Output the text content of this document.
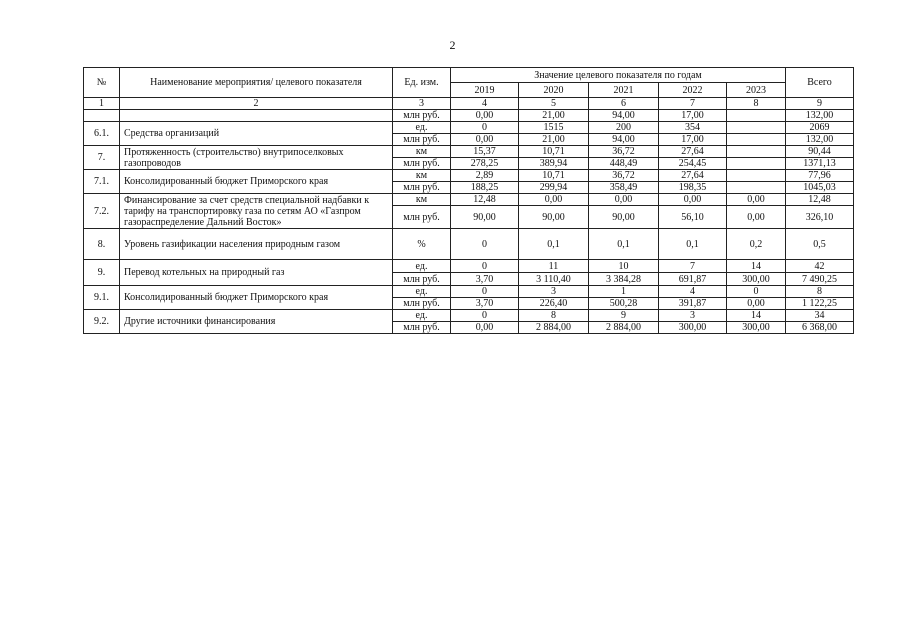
2
№	Наименование мероприятия/ целевого показателя	Ед. изм.	Значение целевого показателя по годам					Всего
			2019	2020	2021	2022	2023	
1	2	3	4	5	6	7	8	9
		млн руб.	0,00	21,00	94,00	17,00		132,00
6.1.	Средства организаций	ед.	0	1515	200	354		2069
		млн руб.	0,00	21,00	94,00	17,00		132,00
7.	Протяженность (строительство) внутрипоселковых газопроводов	км	15,37	10,71	36,72	27,64		90,44
		млн руб.	278,25	389,94	448,49	254,45		1371,13
7.1.	Консолидированный бюджет Приморского края	км	2,89	10,71	36,72	27,64		77,96
		млн руб.	188,25	299,94	358,49	198,35		1045,03
7.2.	Финансирование за счет средств специальной надбавки к тарифу на транспортировку газа по сетям АО «Газпром газораспределение Дальний Восток»	км	12,48	0,00	0,00	0,00	0,00	12,48
		млн руб.	90,00	90,00	90,00	56,10	0,00	326,10
8.	Уровень газификации населения природным газом	%	0	0,1	0,1	0,1	0,2	0,5
9.	Перевод котельных на природный газ	ед.	0	11	10	7	14	42
		млн руб.	3,70	3 110,40	3 384,28	691,87	300,00	7 490,25
9.1.	Консолидированный бюджет Приморского края	ед.	0	3	1	4	0	8
		млн руб.	3,70	226,40	500,28	391,87	0,00	1 122,25
9.2.	Другие источники финансирования	ед.	0	8	9	3	14	34
		млн руб.	0,00	2 884,00	2 884,00	300,00	300,00	6 368,00
